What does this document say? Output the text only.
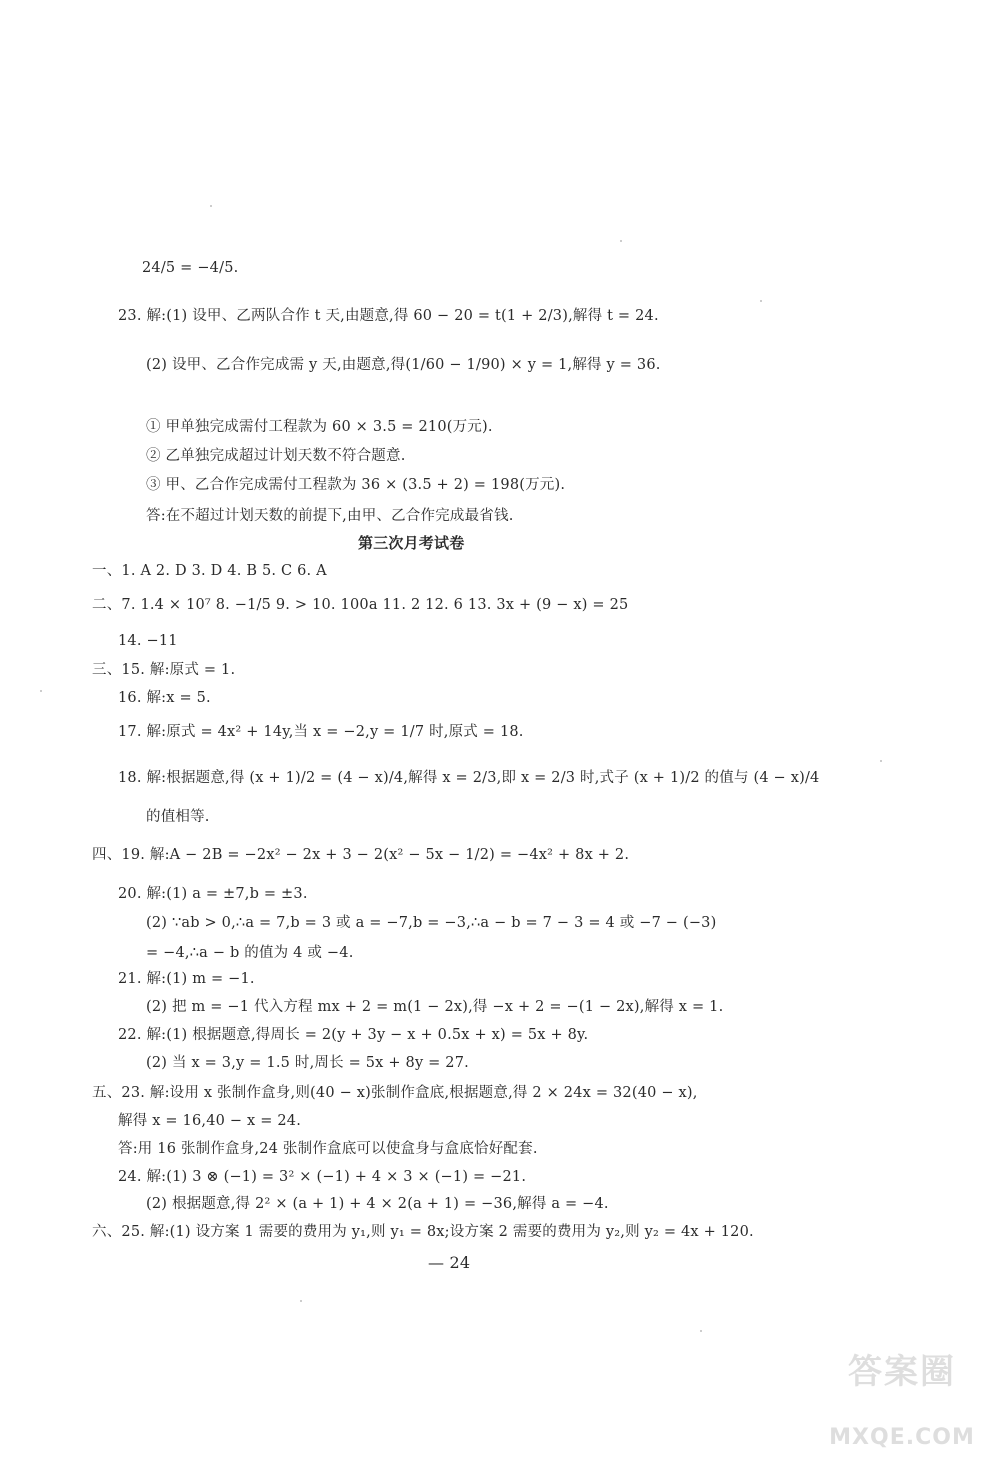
24/5 = −4/5.
23. 解:(1) 设甲、乙两队合作 t 天,由题意,得 60 − 20 = t(1 + 2/3),解得 t = 24.
(2) 设甲、乙合作完成需 y 天,由题意,得(1/60 − 1/90) × y = 1,解得 y = 36.
① 甲单独完成需付工程款为 60 × 3.5 = 210(万元).
② 乙单独完成超过计划天数不符合题意.
③ 甲、乙合作完成需付工程款为 36 × (3.5 + 2) = 198(万元).
答:在不超过计划天数的前提下,由甲、乙合作完成最省钱.
第三次月考试卷
一、1. A 2. D 3. D 4. B 5. C 6. A
二、7. 1.4 × 10⁷ 8. −1/5 9. > 10. 100a 11. 2 12. 6 13. 3x + (9 − x) = 25
14. −11
三、15. 解:原式 = 1.
16. 解:x = 5.
17. 解:原式 = 4x² + 14y,当 x = −2,y = 1/7 时,原式 = 18.
18. 解:根据题意,得 (x + 1)/2 = (4 − x)/4,解得 x = 2/3,即 x = 2/3 时,式子 (x + 1)/2 的值与 (4 − x)/4
的值相等.
四、19. 解:A − 2B = −2x² − 2x + 3 − 2(x² − 5x − 1/2) = −4x² + 8x + 2.
20. 解:(1) a = ±7,b = ±3.
(2) ∵ab > 0,∴a = 7,b = 3 或 a = −7,b = −3,∴a − b = 7 − 3 = 4 或 −7 − (−3)
= −4,∴a − b 的值为 4 或 −4.
21. 解:(1) m = −1.
(2) 把 m = −1 代入方程 mx + 2 = m(1 − 2x),得 −x + 2 = −(1 − 2x),解得 x = 1.
22. 解:(1) 根据题意,得周长 = 2(y + 3y − x + 0.5x + x) = 5x + 8y.
(2) 当 x = 3,y = 1.5 时,周长 = 5x + 8y = 27.
五、23. 解:设用 x 张制作盒身,则(40 − x)张制作盒底,根据题意,得 2 × 24x = 32(40 − x),
解得 x = 16,40 − x = 24.
答:用 16 张制作盒身,24 张制作盒底可以使盒身与盒底恰好配套.
24. 解:(1) 3 ⊗ (−1) = 3² × (−1) + 4 × 3 × (−1) = −21.
(2) 根据题意,得 2² × (a + 1) + 4 × 2(a + 1) = −36,解得 a = −4.
六、25. 解:(1) 设方案 1 需要的费用为 y₁,则 y₁ = 8x;设方案 2 需要的费用为 y₂,则 y₂ = 4x + 120.
— 24
答案圈
MXQE.COM
